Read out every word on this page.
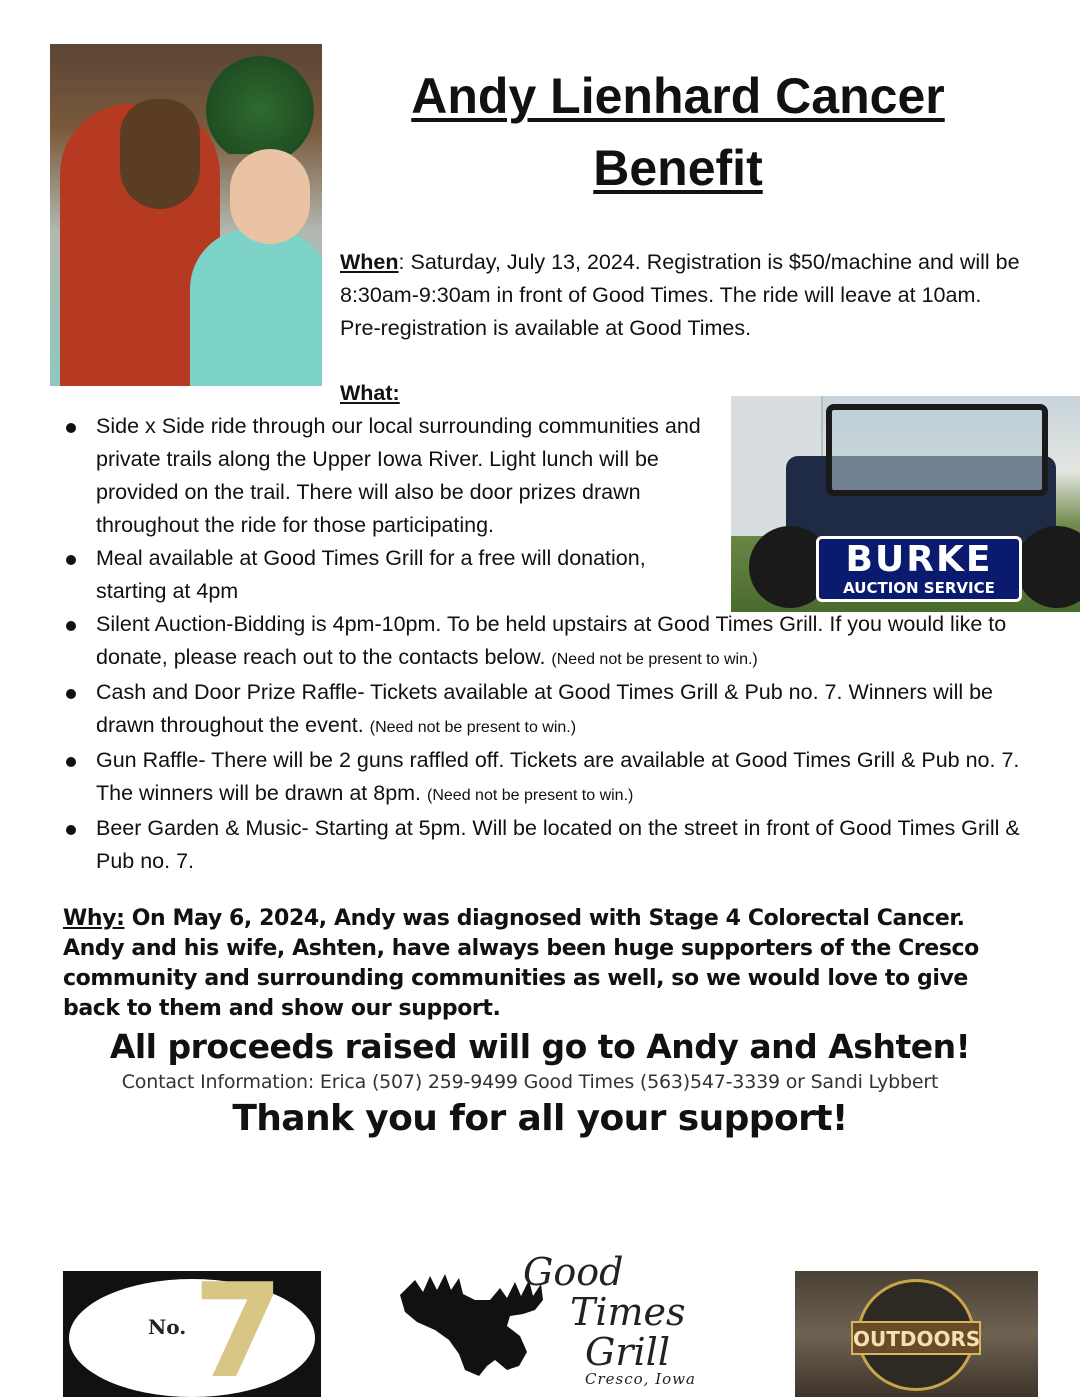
Andy Lienhard Cancer Benefit
When: Saturday, July 13, 2024. Registration is $50/machine and will be 8:30am-9:30am in front of Good Times. The ride will leave at 10am. Pre-registration is available at Good Times.
What:
BURKE
AUCTION SERVICE
Side x Side ride through our local surrounding communities and private trails along the Upper Iowa River. Light lunch will be provided on the trail. There will also be door prizes drawn throughout the ride for those participating.
Meal available at Good Times Grill for a free will donation, starting at 4pm
Silent Auction-Bidding is 4pm-10pm. To be held upstairs at Good Times Grill. If you would like to donate, please reach out to the contacts below. (Need not be present to win.)
Cash and Door Prize Raffle- Tickets available at Good Times Grill & Pub no. 7. Winners will be drawn throughout the event. (Need not be present to win.)
Gun Raffle- There will be 2 guns raffled off. Tickets are available at Good Times Grill & Pub no. 7. The winners will be drawn at 8pm. (Need not be present to win.)
Beer Garden & Music- Starting at 5pm. Will be located on the street in front of Good Times Grill & Pub no. 7.
Why: On May 6, 2024, Andy was diagnosed with Stage 4 Colorectal Cancer. Andy and his wife, Ashten, have always been huge supporters of the Cresco community and surrounding communities as well, so we would love to give back to them and show our support.
All proceeds raised will go to Andy and Ashten!
Contact Information: Erica (507) 259-9499 Good Times (563)547-3339 or Sandi Lybbert
Thank you for all your support!
7
No.
Good
Times
Grill
Cresco, Iowa
OUTDOORS
